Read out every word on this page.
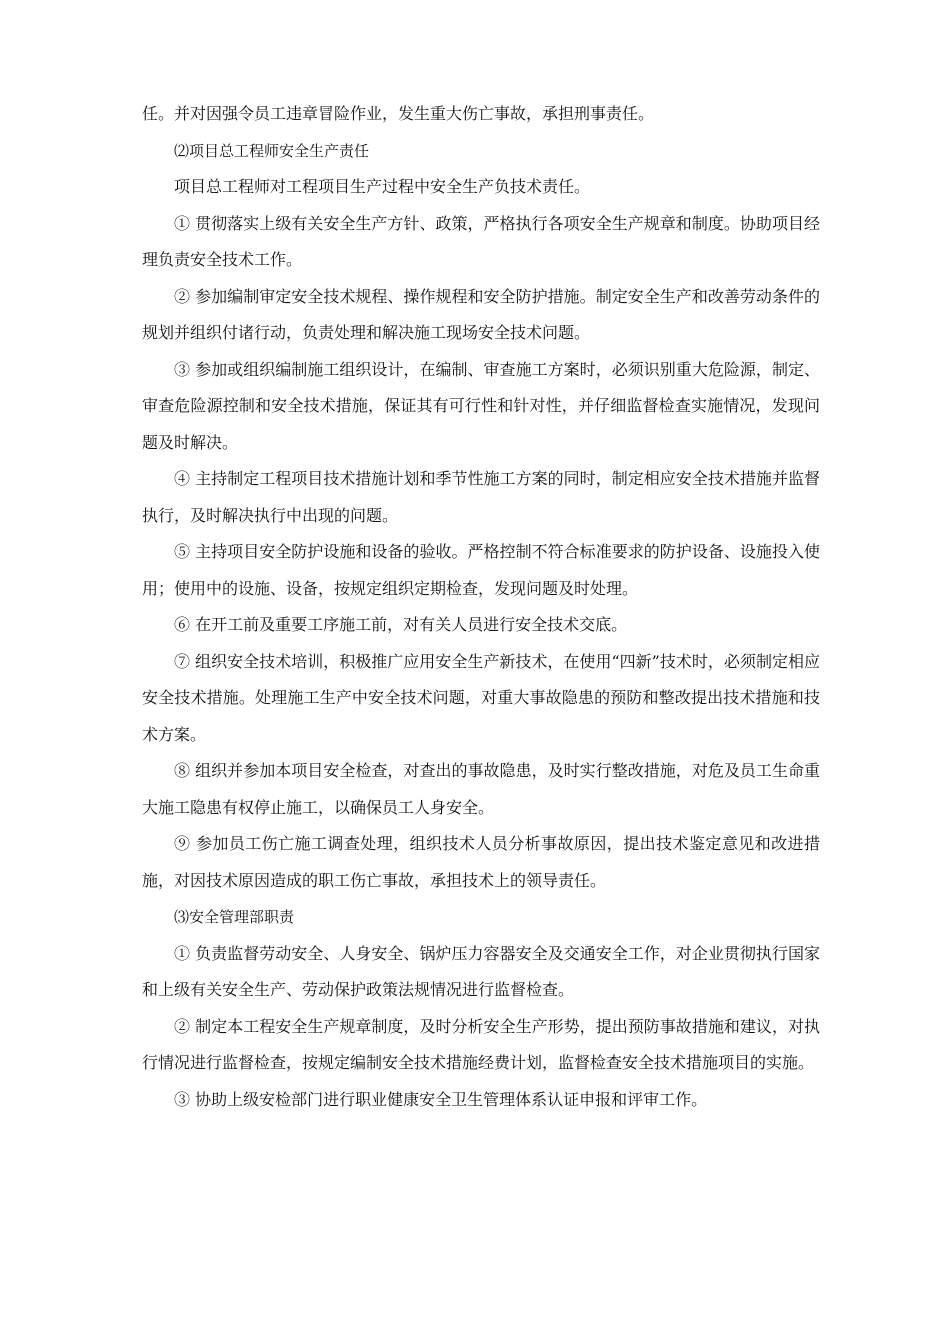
任。并对因强令员工违章冒险作业，发生重大伤亡事故，承担刑事责任。

⑵项目总工程师安全生产责任

项目总工程师对工程项目生产过程中安全生产负技术责任。

① 贯彻落实上级有关安全生产方针、政策，严格执行各项安全生产规章和制度。协助项目经理负责安全技术工作。

② 参加编制审定安全技术规程、操作规程和安全防护措施。制定安全生产和改善劳动条件的规划并组织付诸行动，负责处理和解决施工现场安全技术问题。

③ 参加或组织编制施工组织设计，在编制、审查施工方案时，必须识别重大危险源，制定、审查危险源控制和安全技术措施，保证其有可行性和针对性，并仔细监督检查实施情况，发现问题及时解决。

④ 主持制定工程项目技术措施计划和季节性施工方案的同时，制定相应安全技术措施并监督执行，及时解决执行中出现的问题。

⑤ 主持项目安全防护设施和设备的验收。严格控制不符合标准要求的防护设备、设施投入使用；使用中的设施、设备，按规定组织定期检查，发现问题及时处理。

⑥ 在开工前及重要工序施工前，对有关人员进行安全技术交底。

⑦ 组织安全技术培训，积极推广应用安全生产新技术，在使用“四新”技术时，必须制定相应安全技术措施。处理施工生产中安全技术问题，对重大事故隐患的预防和整改提出技术措施和技术方案。

⑧ 组织并参加本项目安全检查，对查出的事故隐患，及时实行整改措施，对危及员工生命重大施工隐患有权停止施工，以确保员工人身安全。

⑨ 参加员工伤亡施工调查处理，组织技术人员分析事故原因，提出技术鉴定意见和改进措施，对因技术原因造成的职工伤亡事故，承担技术上的领导责任。

⑶安全管理部职责

① 负责监督劳动安全、人身安全、锅炉压力容器安全及交通安全工作，对企业贯彻执行国家和上级有关安全生产、劳动保护政策法规情况进行监督检查。

② 制定本工程安全生产规章制度，及时分析安全生产形势，提出预防事故措施和建议，对执行情况进行监督检查，按规定编制安全技术措施经费计划，监督检查安全技术措施项目的实施。

③ 协助上级安检部门进行职业健康安全卫生管理体系认证申报和评审工作。
